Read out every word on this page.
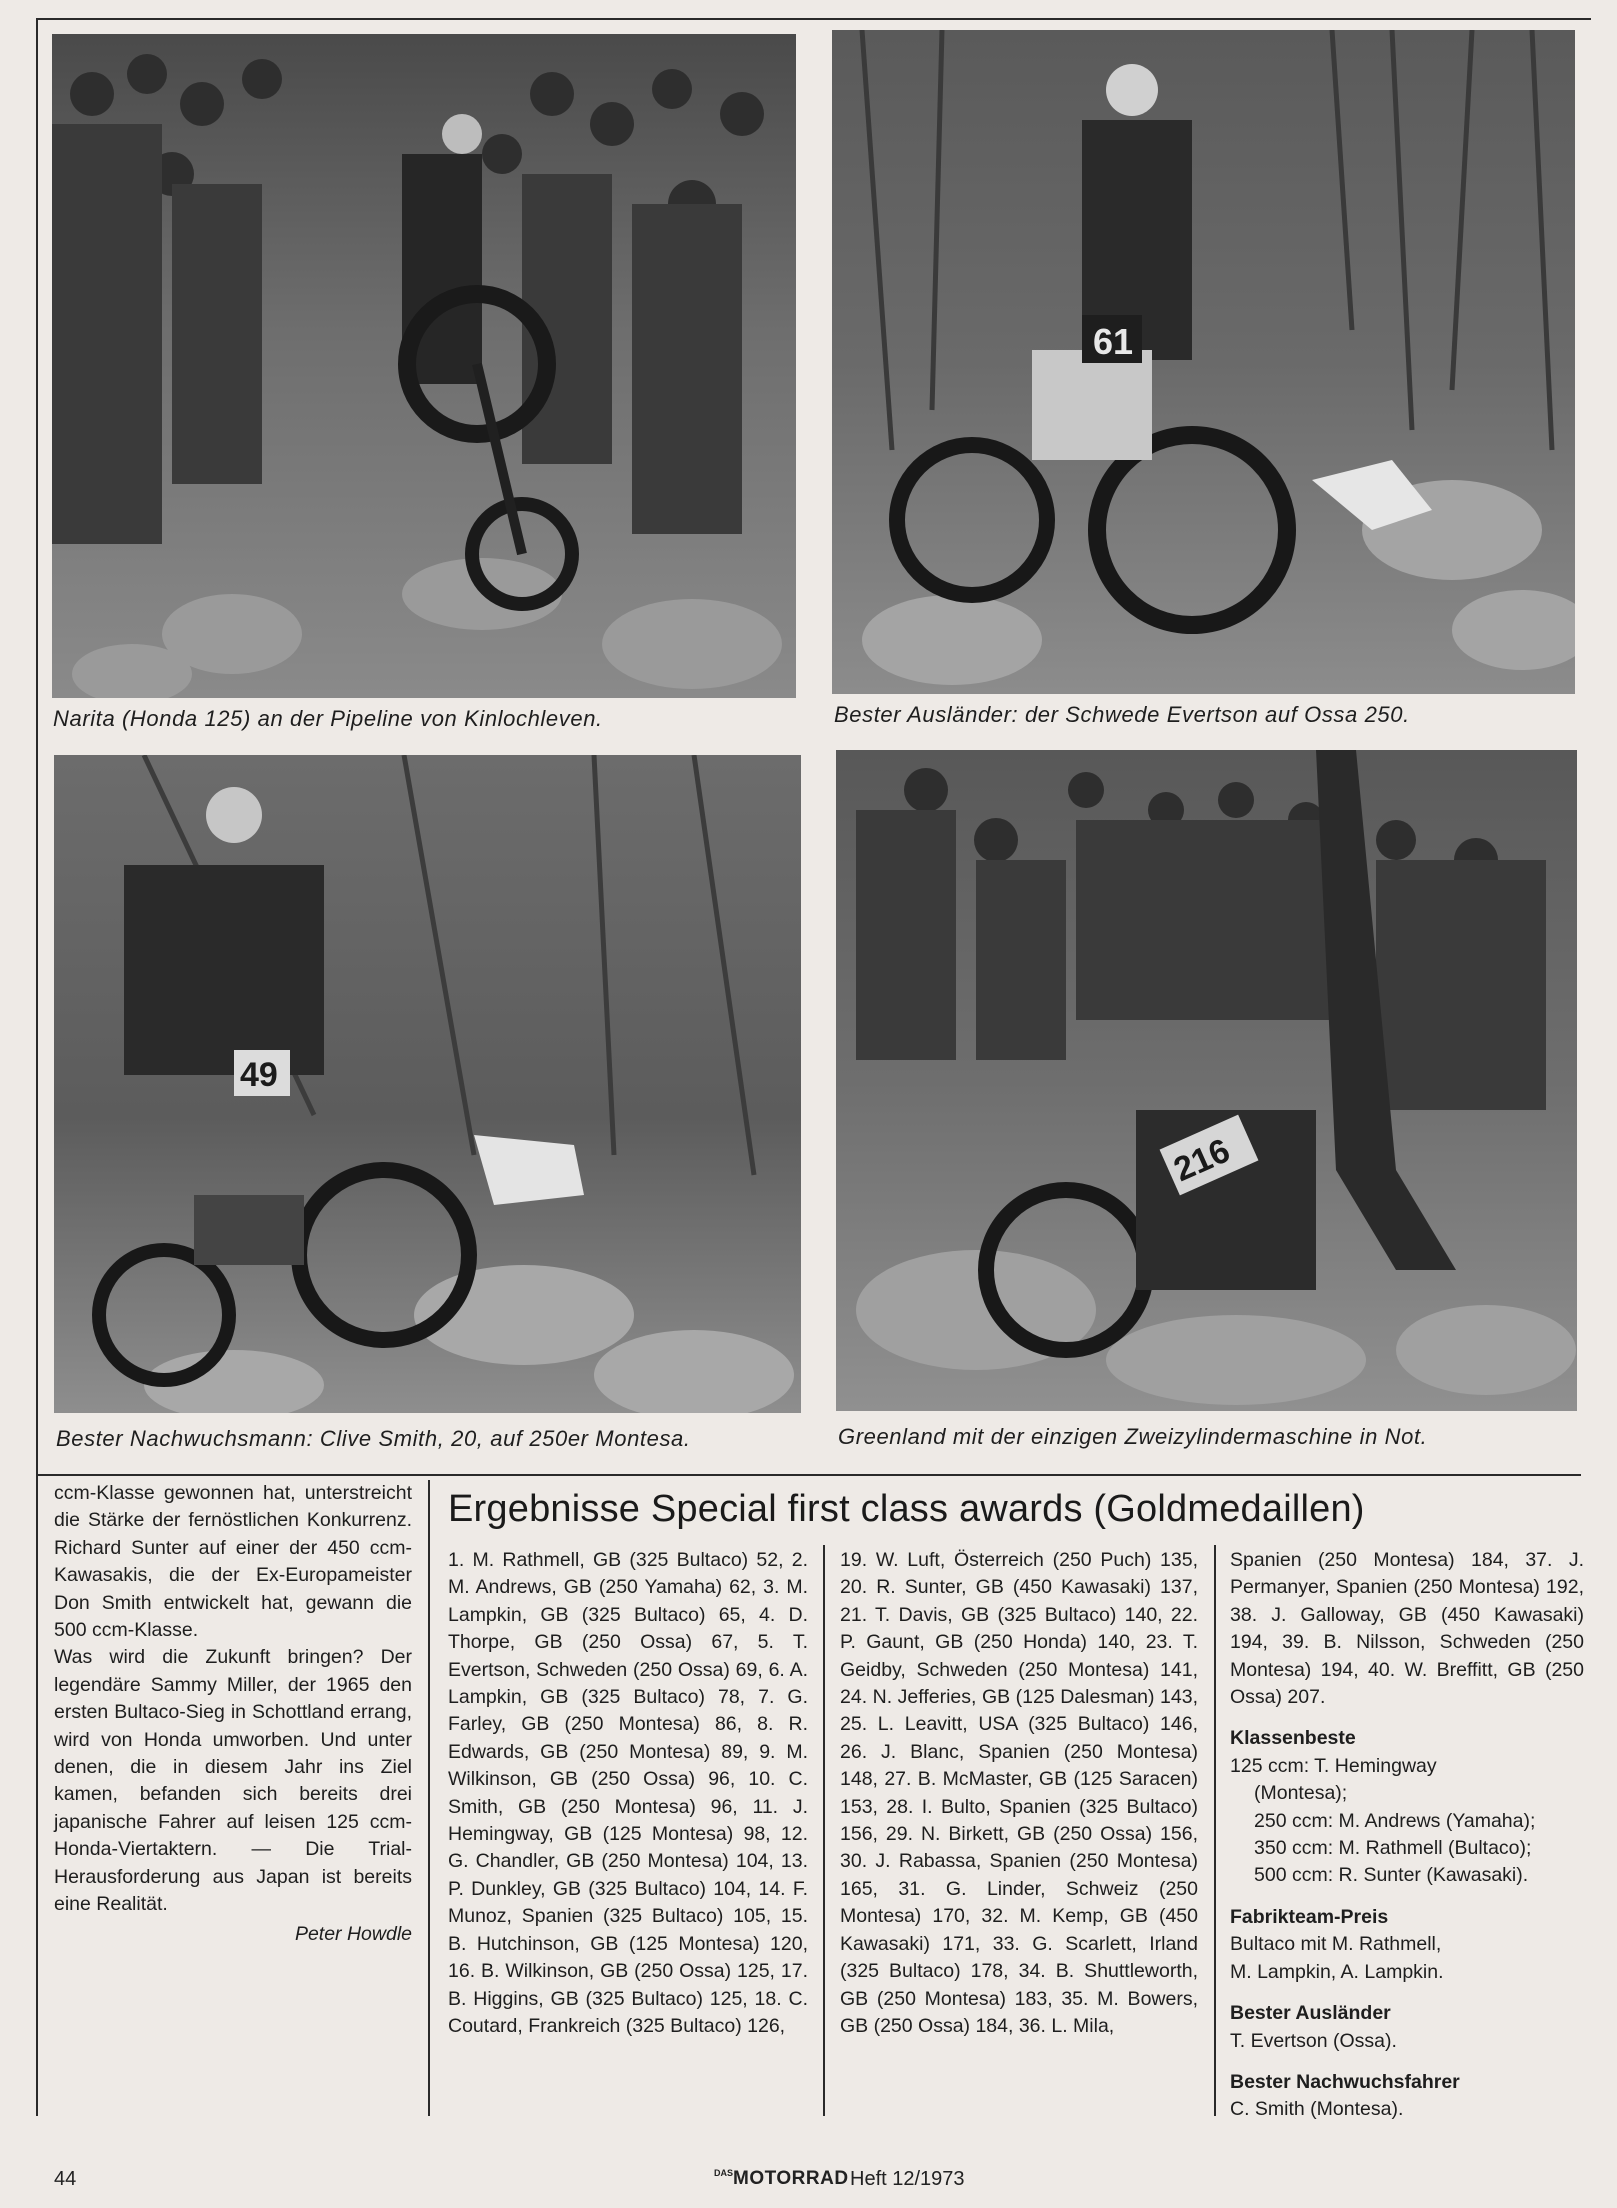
61
49
216
Narita (Honda 125) an der Pipeline von Kinlochleven.	Bester Ausländer: der Schwede Evertson auf Ossa 250.
Bester Nachwuchsmann: Clive Smith, 20, auf 250er Montesa.	Greenland mit der einzigen Zweizylindermaschine in Not.

ccm-Klasse gewonnen hat, unterstreicht die Stärke der fernöstlichen Konkurrenz. Richard Sunter auf einer der 450 ccm-Kawasakis, die der Ex-Europameister Don Smith entwickelt hat, gewann die 500 ccm-Klasse.

Was wird die Zukunft bringen? Der legendäre Sammy Miller, der 1965 den ersten Bultaco-Sieg in Schottland errang, wird von Honda umworben. Und unter denen, die in diesem Jahr ins Ziel kamen, befanden sich bereits drei japanische Fahrer auf leisen 125 ccm-Honda-Viertaktern. — Die Trial-Herausforderung aus Japan ist bereits eine Realität.

Peter Howdle

Ergebnisse Special first class awards (Goldmedaillen)

1. M. Rathmell, GB (325 Bultaco) 52, 2. M. Andrews, GB (250 Yamaha) 62, 3. M. Lampkin, GB (325 Bultaco) 65, 4. D. Thorpe, GB (250 Ossa) 67, 5. T. Evertson, Schweden (250 Ossa) 69, 6. A. Lampkin, GB (325 Bultaco) 78, 7. G. Farley, GB (250 Montesa) 86, 8. R. Edwards, GB (250 Montesa) 89, 9. M. Wilkinson, GB (250 Ossa) 96, 10. C. Smith, GB (250 Montesa) 96, 11. J. Hemingway, GB (125 Montesa) 98, 12. G. Chandler, GB (250 Montesa) 104, 13. P. Dunkley, GB (325 Bultaco) 104, 14. F. Munoz, Spanien (325 Bultaco) 105, 15. B. Hutchinson, GB (125 Montesa) 120, 16. B. Wilkinson, GB (250 Ossa) 125, 17. B. Higgins, GB (325 Bultaco) 125, 18. C. Coutard, Frankreich (325 Bultaco) 126,

19. W. Luft, Österreich (250 Puch) 135, 20. R. Sunter, GB (450 Kawasaki) 137, 21. T. Davis, GB (325 Bultaco) 140, 22. P. Gaunt, GB (250 Honda) 140, 23. T. Geidby, Schweden (250 Montesa) 141, 24. N. Jefferies, GB (125 Dalesman) 143, 25. L. Leavitt, USA (325 Bultaco) 146, 26. J. Blanc, Spanien (250 Montesa) 148, 27. B. McMaster, GB (125 Saracen) 153, 28. I. Bulto, Spanien (325 Bultaco) 156, 29. N. Birkett, GB (250 Ossa) 156, 30. J. Rabassa, Spanien (250 Montesa) 165, 31. G. Linder, Schweiz (250 Montesa) 170, 32. M. Kemp, GB (450 Kawasaki) 171, 33. G. Scarlett, Irland (325 Bultaco) 178, 34. B. Shuttleworth, GB (250 Montesa) 183, 35. M. Bowers, GB (250 Ossa) 184, 36. L. Mila,

Spanien (250 Montesa) 184, 37. J. Permanyer, Spanien (250 Montesa) 192, 38. J. Galloway, GB (450 Kawasaki) 194, 39. B. Nilsson, Schweden (250 Montesa) 194, 40. W. Breffitt, GB (250 Ossa) 207.

Klassenbeste

125 ccm: T. Hemingway

(Montesa);

250 ccm: M. Andrews (Yamaha);

350 ccm: M. Rathmell (Bultaco);

500 ccm: R. Sunter (Kawasaki).

Fabrikteam-Preis

Bultaco mit M. Rathmell,

M. Lampkin, A. Lampkin.

Bester Ausländer

T. Evertson (Ossa).

Bester Nachwuchsfahrer

C. Smith (Montesa).

44	$^{DAS}$MOTORRAD Heft 12/1973
